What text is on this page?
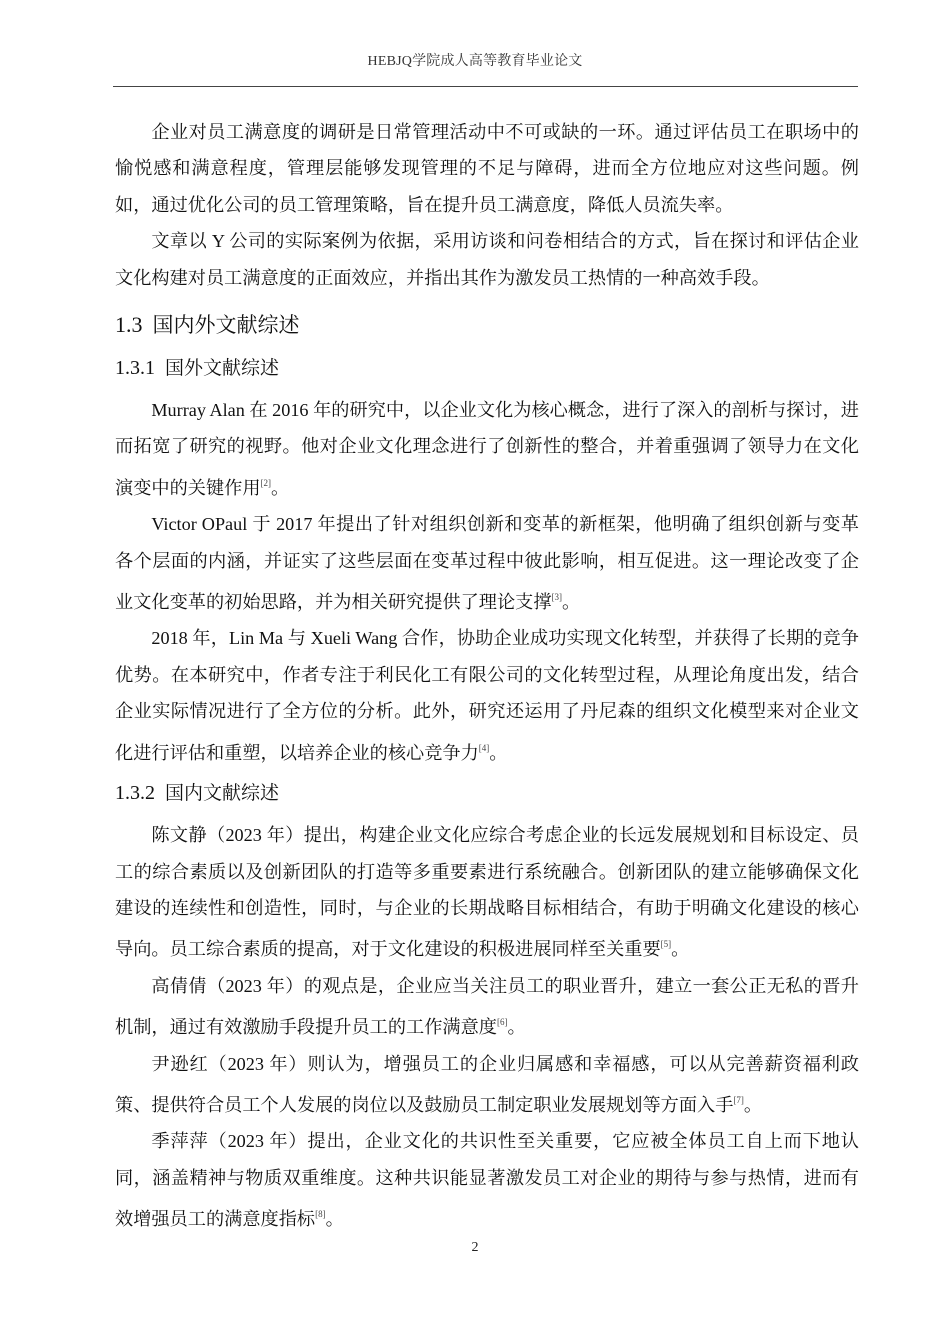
HEBJQ学院成人高等教育毕业论文

企业对员工满意度的调研是日常管理活动中不可或缺的一环。通过评估员工在职场中的愉悦感和满意程度，管理层能够发现管理的不足与障碍，进而全方位地应对这些问题。例如，通过优化公司的员工管理策略，旨在提升员工满意度，降低人员流失率。

文章以 Y 公司的实际案例为依据，采用访谈和问卷相结合的方式，旨在探讨和评估企业文化构建对员工满意度的正面效应，并指出其作为激发员工热情的一种高效手段。

1.3 国内外文献综述
1.3.1 国外文献综述

Murray Alan 在 2016 年的研究中，以企业文化为核心概念，进行了深入的剖析与探讨，进而拓宽了研究的视野。他对企业文化理念进行了创新性的整合，并着重强调了领导力在文化演变中的关键作用[2]。

Victor OPaul 于 2017 年提出了针对组织创新和变革的新框架，他明确了组织创新与变革各个层面的内涵，并证实了这些层面在变革过程中彼此影响，相互促进。这一理论改变了企业文化变革的初始思路，并为相关研究提供了理论支撑[3]。

2018 年，Lin Ma 与 Xueli Wang 合作，协助企业成功实现文化转型，并获得了长期的竞争优势。在本研究中，作者专注于利民化工有限公司的文化转型过程，从理论角度出发，结合企业实际情况进行了全方位的分析。此外，研究还运用了丹尼森的组织文化模型来对企业文化进行评估和重塑，以培养企业的核心竞争力[4]。

1.3.2 国内文献综述

陈文静（2023 年）提出，构建企业文化应综合考虑企业的长远发展规划和目标设定、员工的综合素质以及创新团队的打造等多重要素进行系统融合。创新团队的建立能够确保文化建设的连续性和创造性，同时，与企业的长期战略目标相结合，有助于明确文化建设的核心导向。员工综合素质的提高，对于文化建设的积极进展同样至关重要[5]。

高倩倩（2023 年）的观点是，企业应当关注员工的职业晋升，建立一套公正无私的晋升机制，通过有效激励手段提升员工的工作满意度[6]。

尹逊红（2023 年）则认为，增强员工的企业归属感和幸福感，可以从完善薪资福利政策、提供符合员工个人发展的岗位以及鼓励员工制定职业发展规划等方面入手[7]。

季萍萍（2023 年）提出，企业文化的共识性至关重要，它应被全体员工自上而下地认同，涵盖精神与物质双重维度。这种共识能显著激发员工对企业的期待与参与热情，进而有效增强员工的满意度指标[8]。

2
